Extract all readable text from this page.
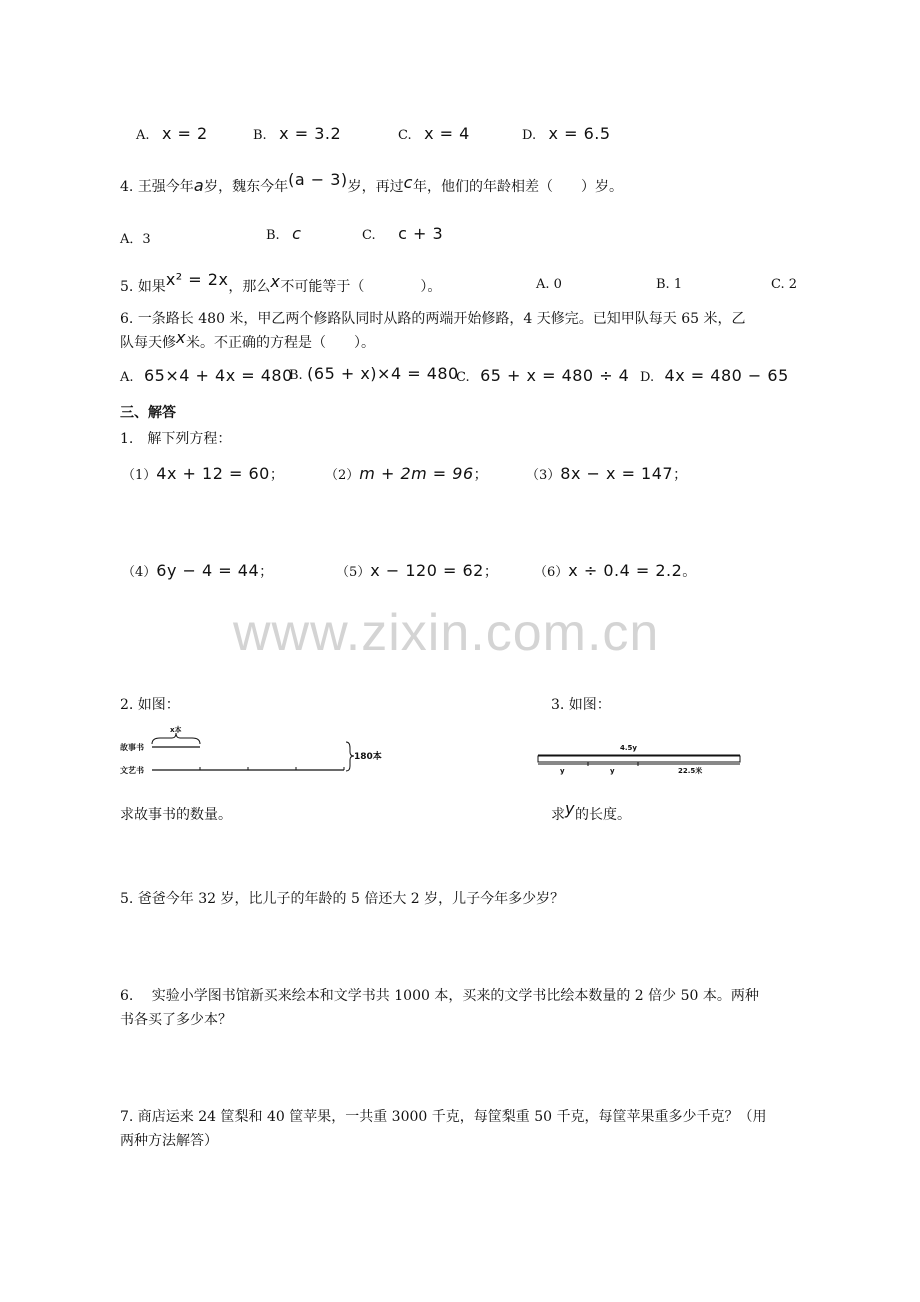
A. x = 2	B. x = 3.2	C. x = 4	D. x = 6.5
4. 王强今年a岁，魏东今年(a − 3)岁，再过c年，他们的年龄相差（　　）岁。
A．3	B. c	C. c + 3
5. 如果x² = 2x，那么x不可能等于（　　　　）。	A. 0	B. 1	C. 2
6. 一条路长 480 米，甲乙两个修路队同时从路的两端开始修路，4 天修完。已知甲队每天 65 米，乙
队每天修x米。不正确的方程是（　　）。
A. 65×4 + 4x = 480
B. (65 + x)×4 = 480
C. 65 + x = 480 ÷ 4 D. 4x = 480 − 65
三、解答
1.　解下列方程：
（1）4x + 12 = 60；	（2）m + 2m = 96；	（3）8x − x = 147；
（4）6y − 4 = 44；	（5）x − 120 = 62；	（6）x ÷ 0.4 = 2.2。
www.zixin.com.cn
2. 如图：
故事书
文艺书
x本
180本
求故事书的数量。
3. 如图：
4.5y
y	y	22.5米
求y的长度。
5. 爸爸今年 32 岁，比儿子的年龄的 5 倍还大 2 岁，儿子今年多少岁？
6.　 实验小学图书馆新买来绘本和文学书共 1000 本，买来的文学书比绘本数量的 2 倍少 50 本。两种
书各买了多少本？
7. 商店运来 24 筐梨和 40 筐苹果，一共重 3000 千克，每筐梨重 50 千克，每筐苹果重多少千克？（用
两种方法解答）
